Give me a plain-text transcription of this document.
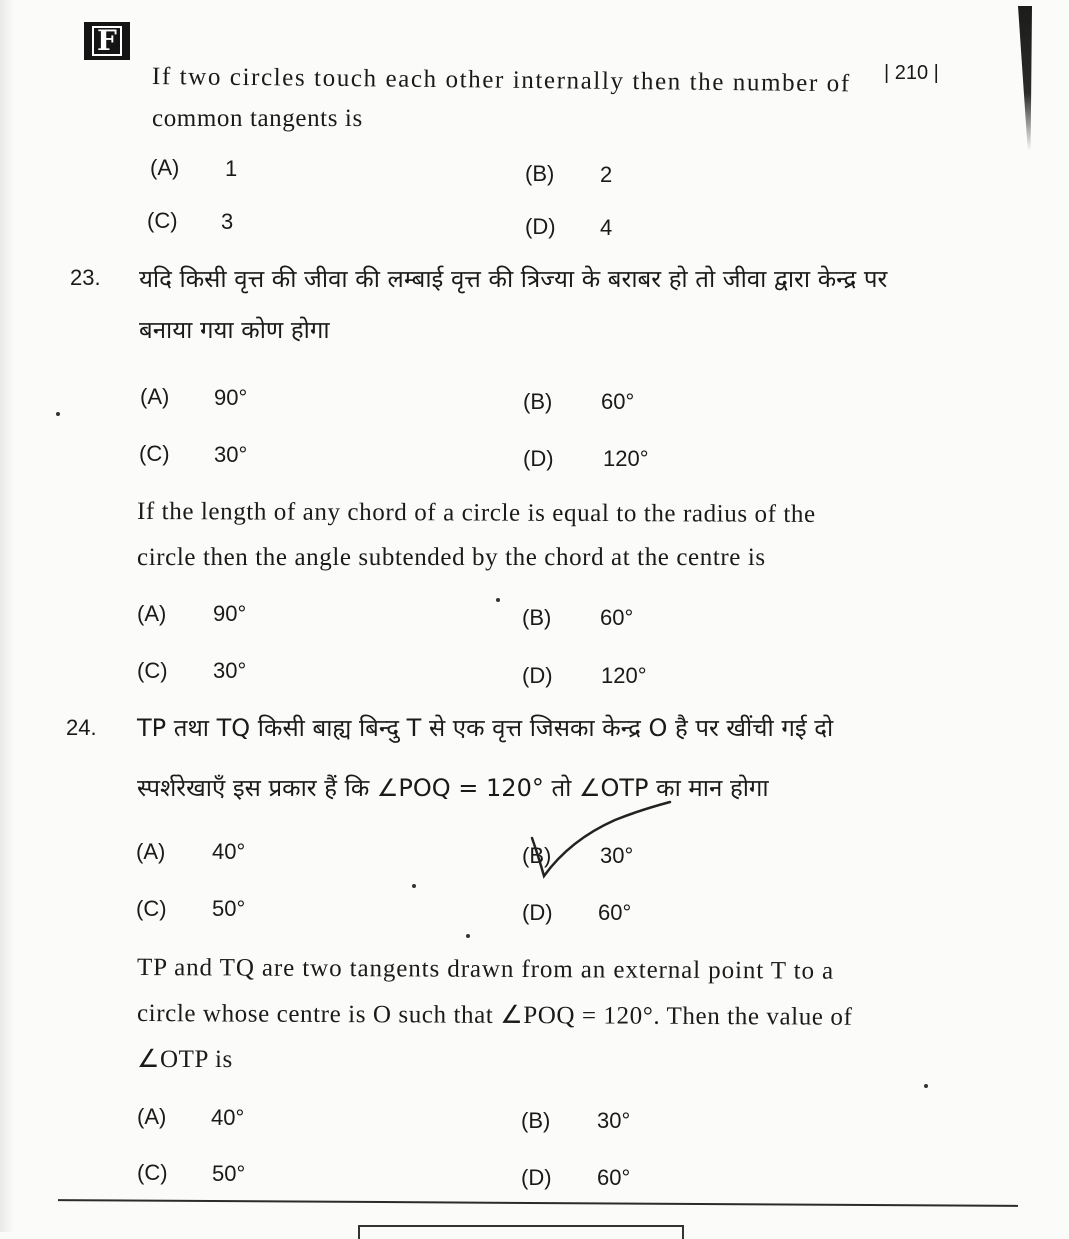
F
| 210 |
If two circles touch each other internally then the number of
common tangents is
(A) 1	(B) 2
(C) 3	(D) 4
23. यदि किसी वृत्त की जीवा की लम्बाई वृत्त की त्रिज्या के बराबर हो तो जीवा द्वारा केन्द्र पर
बनाया गया कोण होगा
(A) 90°	(B) 60°
(C) 30°	(D) 120°
If the length of any chord of a circle is equal to the radius of the
circle then the angle subtended by the chord at the centre is
(A) 90°	(B) 60°
(C) 30°	(D) 120°
24. TP तथा TQ किसी बाह्य बिन्दु T से एक वृत्त जिसका केन्द्र O है पर खींची गई दो
स्पर्शरेखाएँ इस प्रकार हैं कि ∠POQ = 120° तो ∠OTP का मान होगा
(A) 40°	(B) 30°
(C) 50°	(D) 60°
TP and TQ are two tangents drawn from an external point T to a
circle whose centre is O such that ∠POQ = 120°. Then the value of
∠OTP is
(A) 40°	(B) 30°
(C) 50°	(D) 60°
